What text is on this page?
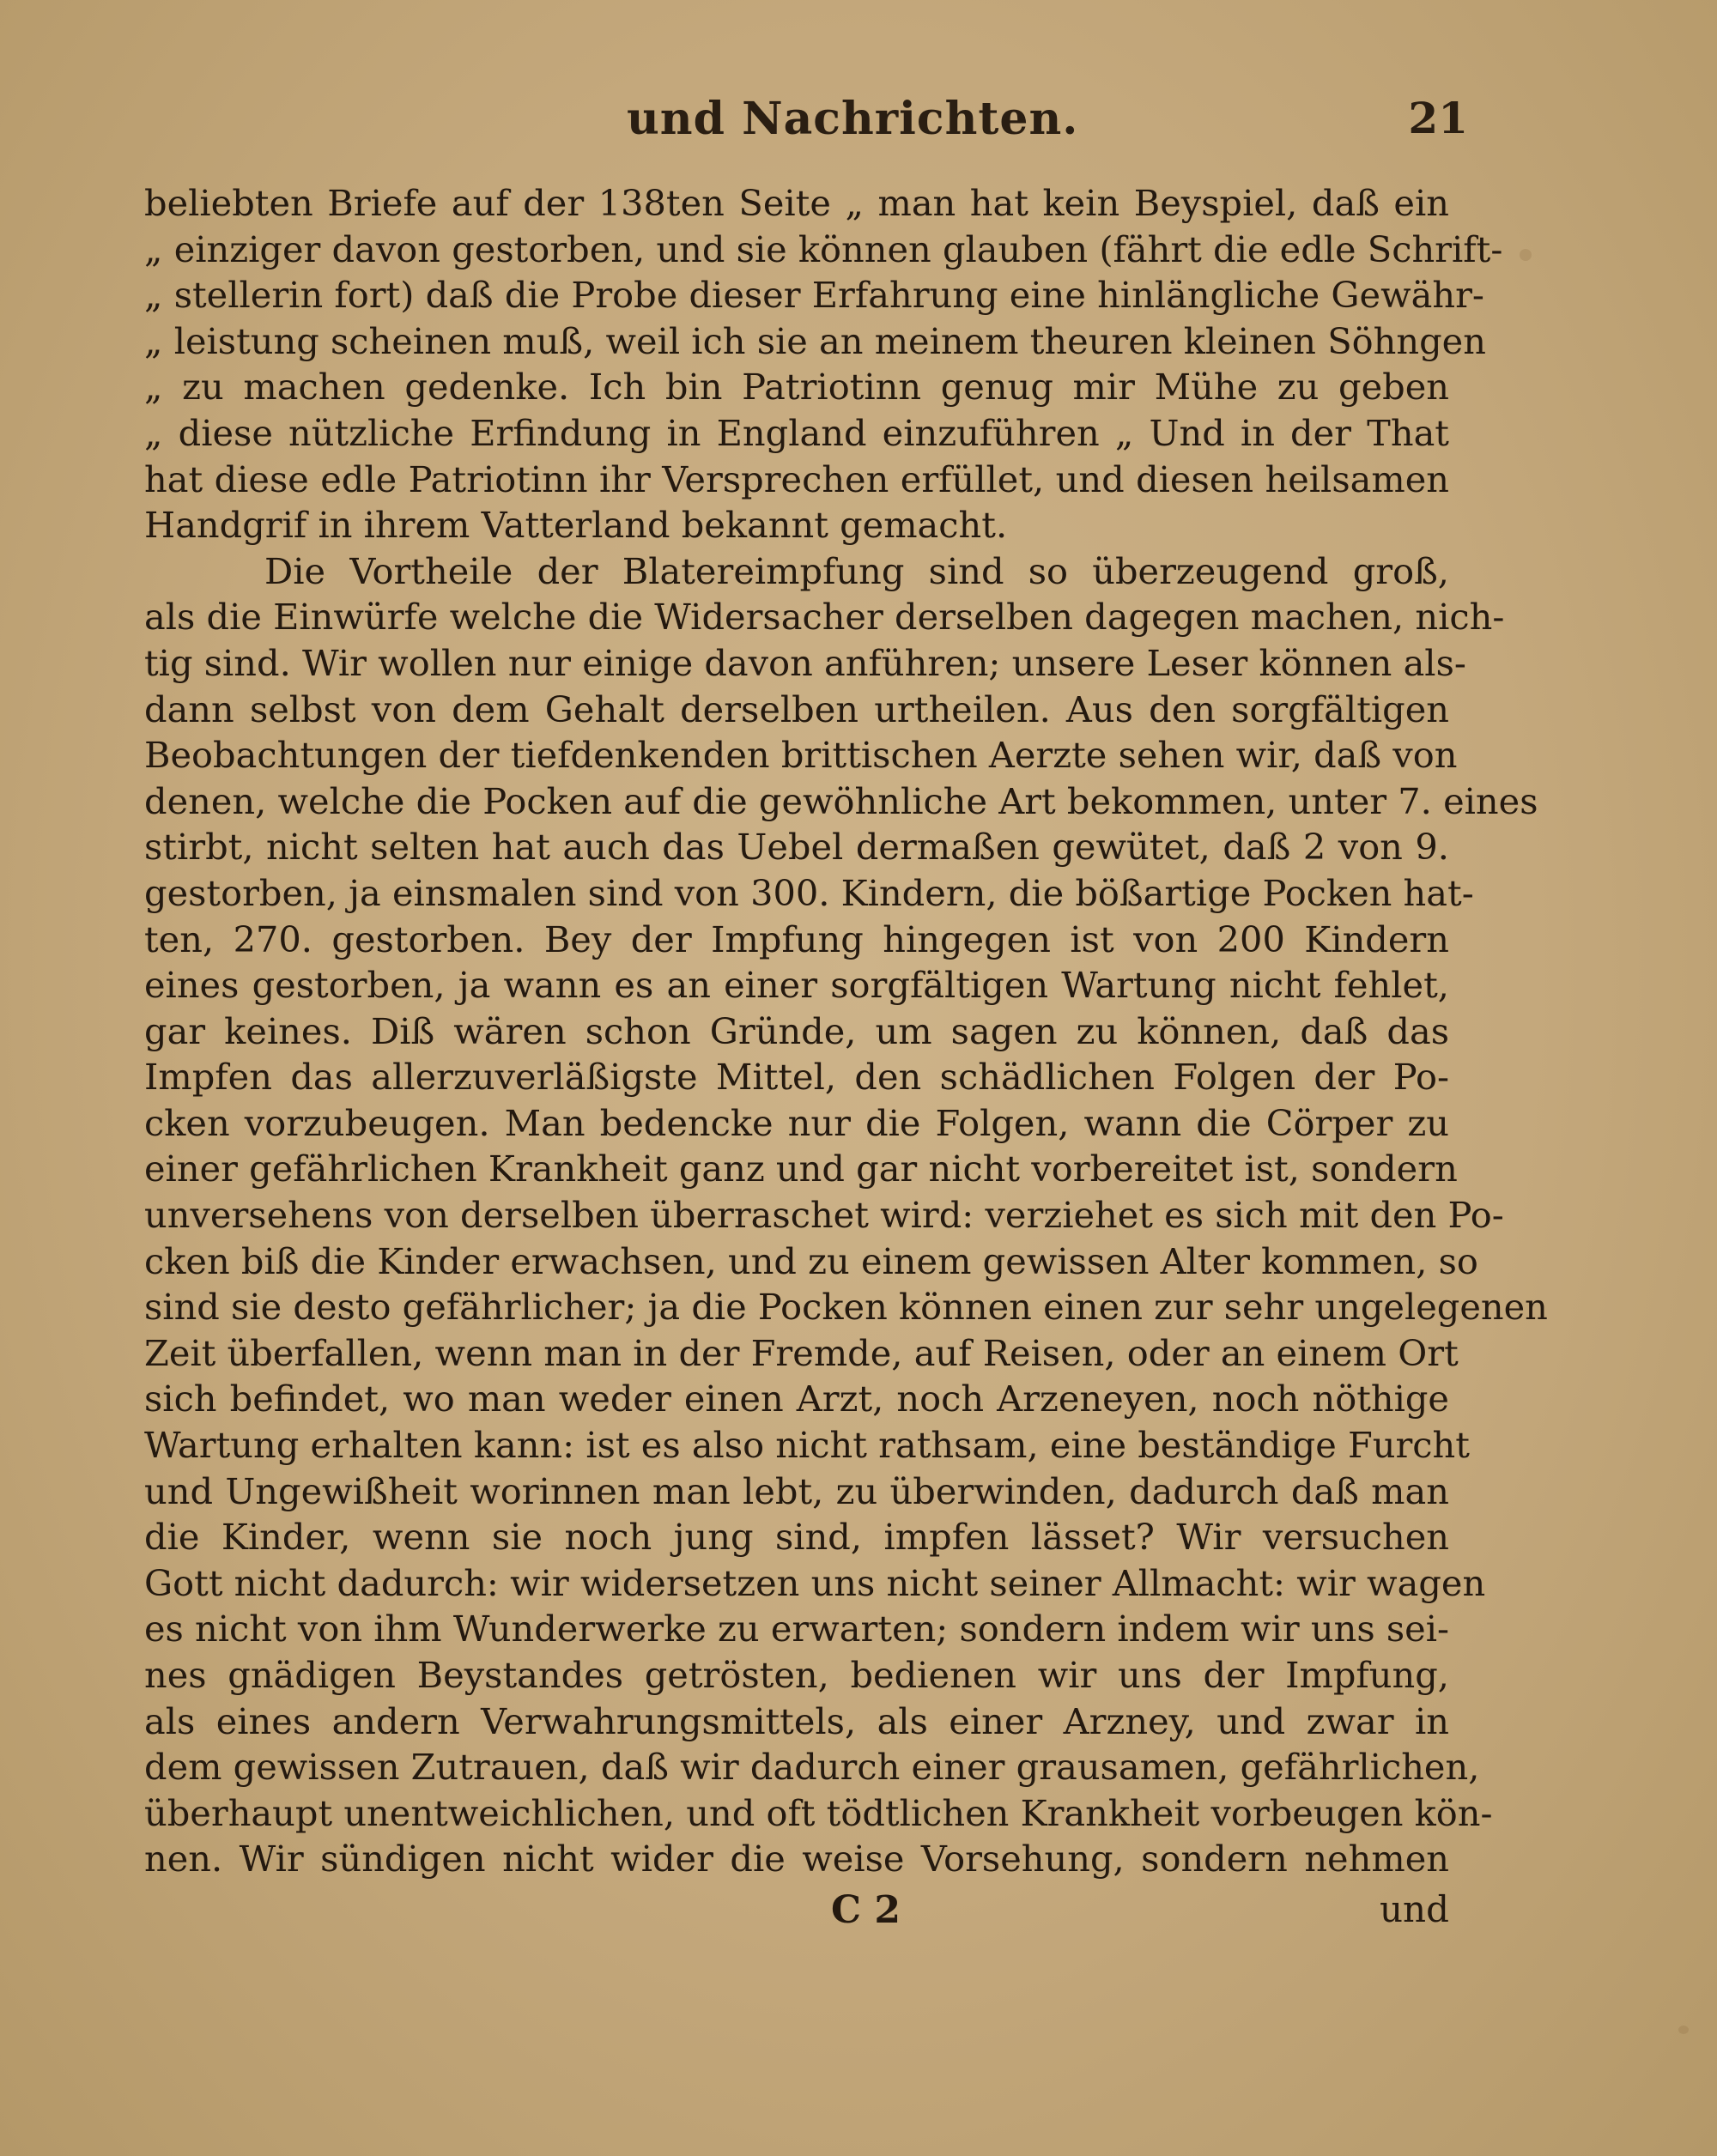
und Nachrichten.	21
beliebten Briefe auf der 138ten Seite „ man hat kein Beyspiel, daß ein
„ einziger davon gestorben, und sie können glauben (fährt die edle Schrift-
„ stellerin fort) daß die Probe dieser Erfahrung eine hinlängliche Gewähr-
„ leistung scheinen muß, weil ich sie an meinem theuren kleinen Söhngen
„ zu machen gedenke. Ich bin Patriotinn genug mir Mühe zu geben
„ diese nützliche Erfindung in England einzuführen „ Und in der That
hat diese edle Patriotinn ihr Versprechen erfüllet, und diesen heilsamen
Handgrif in ihrem Vatterland bekannt gemacht.
Die Vortheile der Blatereimpfung sind so überzeugend groß,
als die Einwürfe welche die Widersacher derselben dagegen machen, nich-
tig sind. Wir wollen nur einige davon anführen; unsere Leser können als-
dann selbst von dem Gehalt derselben urtheilen. Aus den sorgfältigen
Beobachtungen der tiefdenkenden brittischen Aerzte sehen wir, daß von
denen, welche die Pocken auf die gewöhnliche Art bekommen, unter 7. eines
stirbt, nicht selten hat auch das Uebel dermaßen gewütet, daß 2 von 9.
gestorben, ja einsmalen sind von 300. Kindern, die bößartige Pocken hat-
ten, 270. gestorben. Bey der Impfung hingegen ist von 200 Kindern
eines gestorben, ja wann es an einer sorgfältigen Wartung nicht fehlet,
gar keines. Diß wären schon Gründe, um sagen zu können, daß das
Impfen das allerzuverläßigste Mittel, den schädlichen Folgen der Po-
cken vorzubeugen. Man bedencke nur die Folgen, wann die Cörper zu
einer gefährlichen Krankheit ganz und gar nicht vorbereitet ist, sondern
unversehens von derselben überraschet wird: verziehet es sich mit den Po-
cken biß die Kinder erwachsen, und zu einem gewissen Alter kommen, so
sind sie desto gefährlicher; ja die Pocken können einen zur sehr ungelegenen
Zeit überfallen, wenn man in der Fremde, auf Reisen, oder an einem Ort
sich befindet, wo man weder einen Arzt, noch Arzeneyen, noch nöthige
Wartung erhalten kann: ist es also nicht rathsam, eine beständige Furcht
und Ungewißheit worinnen man lebt, zu überwinden, dadurch daß man
die Kinder, wenn sie noch jung sind, impfen lässet? Wir versuchen
Gott nicht dadurch: wir widersetzen uns nicht seiner Allmacht: wir wagen
es nicht von ihm Wunderwerke zu erwarten; sondern indem wir uns sei-
nes gnädigen Beystandes getrösten, bedienen wir uns der Impfung,
als eines andern Verwahrungsmittels, als einer Arzney, und zwar in
dem gewissen Zutrauen, daß wir dadurch einer grausamen, gefährlichen,
überhaupt unentweichlichen, und oft tödtlichen Krankheit vorbeugen kön-
nen. Wir sündigen nicht wider die weise Vorsehung, sondern nehmen
C 2	und
